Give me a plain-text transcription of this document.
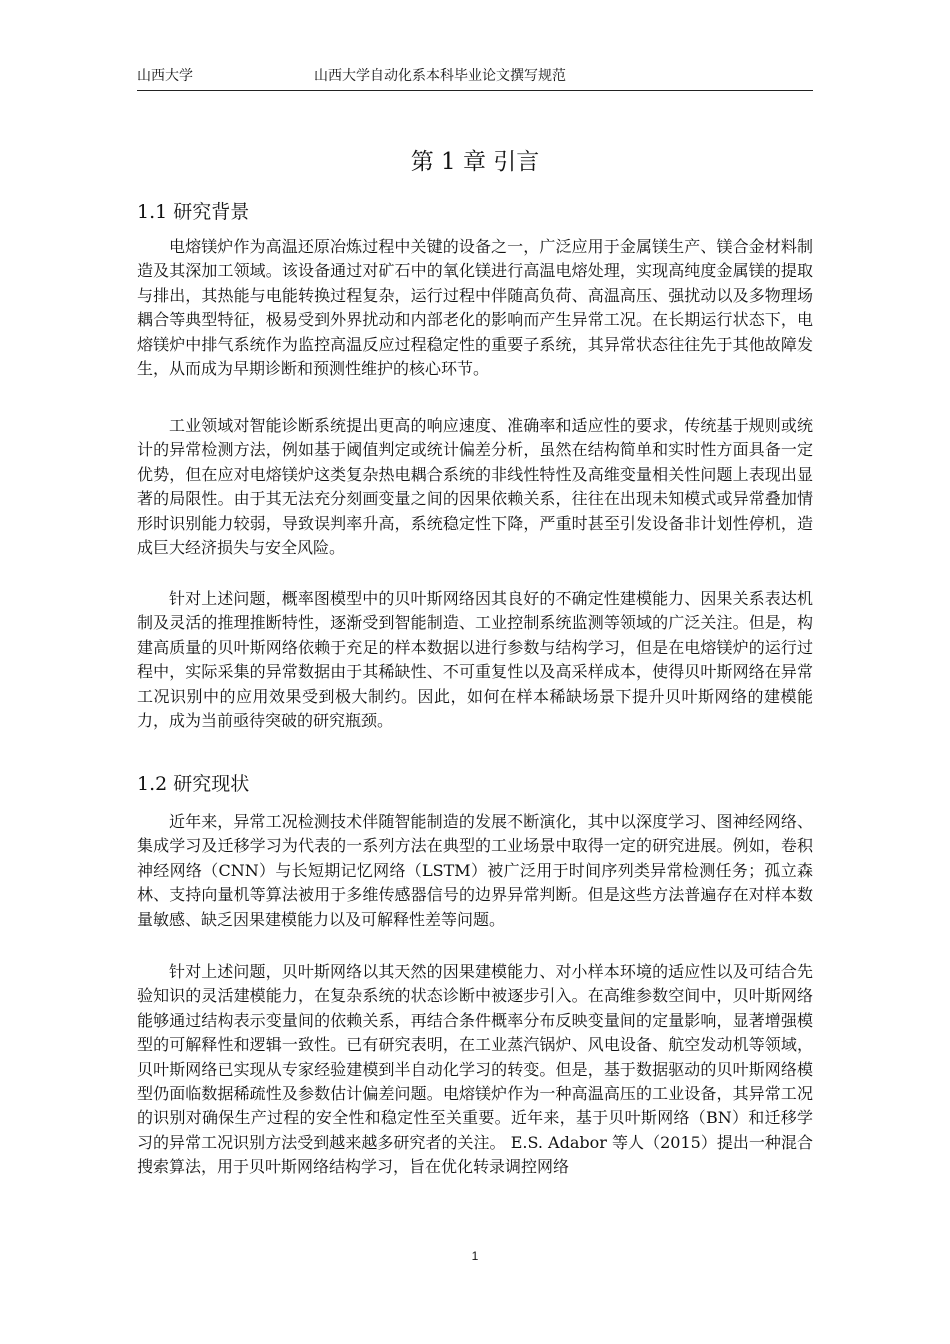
山西大学	山西大学自动化系本科毕业论文撰写规范
第 1 章 引言
1.1 研究背景

电熔镁炉作为高温还原冶炼过程中关键的设备之一，广泛应用于金属镁生产、镁合金材料制造及其深加工领域。该设备通过对矿石中的氧化镁进行高温电熔处理，实现高纯度金属镁的提取与排出，其热能与电能转换过程复杂，运行过程中伴随高负荷、高温高压、强扰动以及多物理场耦合等典型特征，极易受到外界扰动和内部老化的影响而产生异常工况。在长期运行状态下，电熔镁炉中排气系统作为监控高温反应过程稳定性的重要子系统，其异常状态往往先于其他故障发生，从而成为早期诊断和预测性维护的核心环节。

工业领域对智能诊断系统提出更高的响应速度、准确率和适应性的要求，传统基于规则或统计的异常检测方法，例如基于阈值判定或统计偏差分析，虽然在结构简单和实时性方面具备一定优势，但在应对电熔镁炉这类复杂热电耦合系统的非线性特性及高维变量相关性问题上表现出显著的局限性。由于其无法充分刻画变量之间的因果依赖关系，往往在出现未知模式或异常叠加情形时识别能力较弱，导致误判率升高，系统稳定性下降，严重时甚至引发设备非计划性停机，造成巨大经济损失与安全风险。

针对上述问题，概率图模型中的贝叶斯网络因其良好的不确定性建模能力、因果关系表达机制及灵活的推理推断特性，逐渐受到智能制造、工业控制系统监测等领域的广泛关注。但是，构建高质量的贝叶斯网络依赖于充足的样本数据以进行参数与结构学习，但是在电熔镁炉的运行过程中，实际采集的异常数据由于其稀缺性、不可重复性以及高采样成本，使得贝叶斯网络在异常工况识别中的应用效果受到极大制约。因此，如何在样本稀缺场景下提升贝叶斯网络的建模能力，成为当前亟待突破的研究瓶颈。

1.2 研究现状

近年来，异常工况检测技术伴随智能制造的发展不断演化，其中以深度学习、图神经网络、集成学习及迁移学习为代表的一系列方法在典型的工业场景中取得一定的研究进展。例如，卷积神经网络（CNN）与长短期记忆网络（LSTM）被广泛用于时间序列类异常检测任务；孤立森林、支持向量机等算法被用于多维传感器信号的边界异常判断。但是这些方法普遍存在对样本数量敏感、缺乏因果建模能力以及可解释性差等问题。

针对上述问题，贝叶斯网络以其天然的因果建模能力、对小样本环境的适应性以及可结合先验知识的灵活建模能力，在复杂系统的状态诊断中被逐步引入。在高维参数空间中，贝叶斯网络能够通过结构表示变量间的依赖关系，再结合条件概率分布反映变量间的定量影响，显著增强模型的可解释性和逻辑一致性。已有研究表明，在工业蒸汽锅炉、风电设备、航空发动机等领域，贝叶斯网络已实现从专家经验建模到半自动化学习的转变。但是，基于数据驱动的贝叶斯网络模型仍面临数据稀疏性及参数估计偏差问题。电熔镁炉作为一种高温高压的工业设备，其异常工况的识别对确保生产过程的安全性和稳定性至关重要。近年来，基于贝叶斯网络（BN）和迁移学习的异常工况识别方法受到越来越多研究者的关注。 E.S. Adabor 等人（2015）提出一种混合搜索算法，用于贝叶斯网络结构学习，旨在优化转录调控网络

1
